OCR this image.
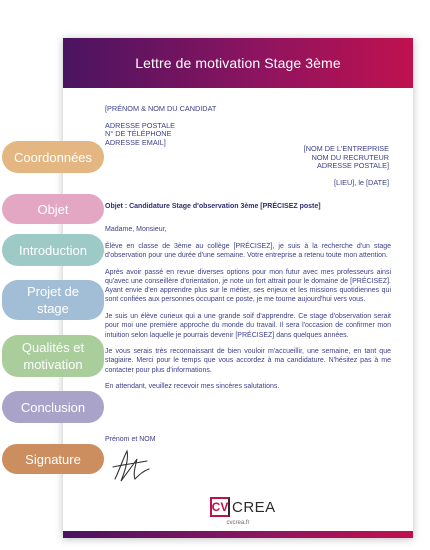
Lettre de motivation Stage 3ème
[PRÉNOM & NOM DU CANDIDAT
ADRESSE POSTALE
N° DE TÉLÉPHONE
ADRESSE EMAIL]
[NOM DE L'ENTREPRISE
NOM DU RECRUTEUR
ADRESSE POSTALE]
[LIEU], le [DATE]
Objet : Candidature Stage d'observation 3ème [PRÉCISEZ poste]
Madame, Monsieur,
Élève en classe de 3ème au collège [PRÉCISEZ], je suis à la recherche d'un stage d'observation pour une durée d'une semaine. Votre entreprise a retenu toute mon attention.
Après avoir passé en revue diverses options pour mon futur avec mes professeurs ainsi qu'avec une conseillère d'orientation, je note un fort attrait pour le domaine de [PRÉCISEZ]. Ayant envie d'en apprendre plus sur le métier, ses enjeux et les missions quotidiennes qui sont confiées aux personnes occupant ce poste, je me tourne aujourd'hui vers vous.
Je suis un élève curieux qui a une grande soif d'apprendre. Ce stage d'observation serait pour moi une première approche du monde du travail. Il sera l'occasion de confirmer mon intuition selon laquelle je pourrais devenir [PRÉCISEZ] dans quelques années.
Je vous serais très reconnaissant de bien vouloir m'accueillir, une semaine, en tant que stagiaire. Merci pour le temps que vous accordez à ma candidature. N'hésitez pas à me contacter pour plus d'informations.
En attendant, veuillez recevoir mes sincères salutations.
Prénom et NOM
CV CREA
cvcrea.fr
Coordonnées
Objet
Introduction
Projet de
stage
Qualités et
motivation
Conclusion
Signature
